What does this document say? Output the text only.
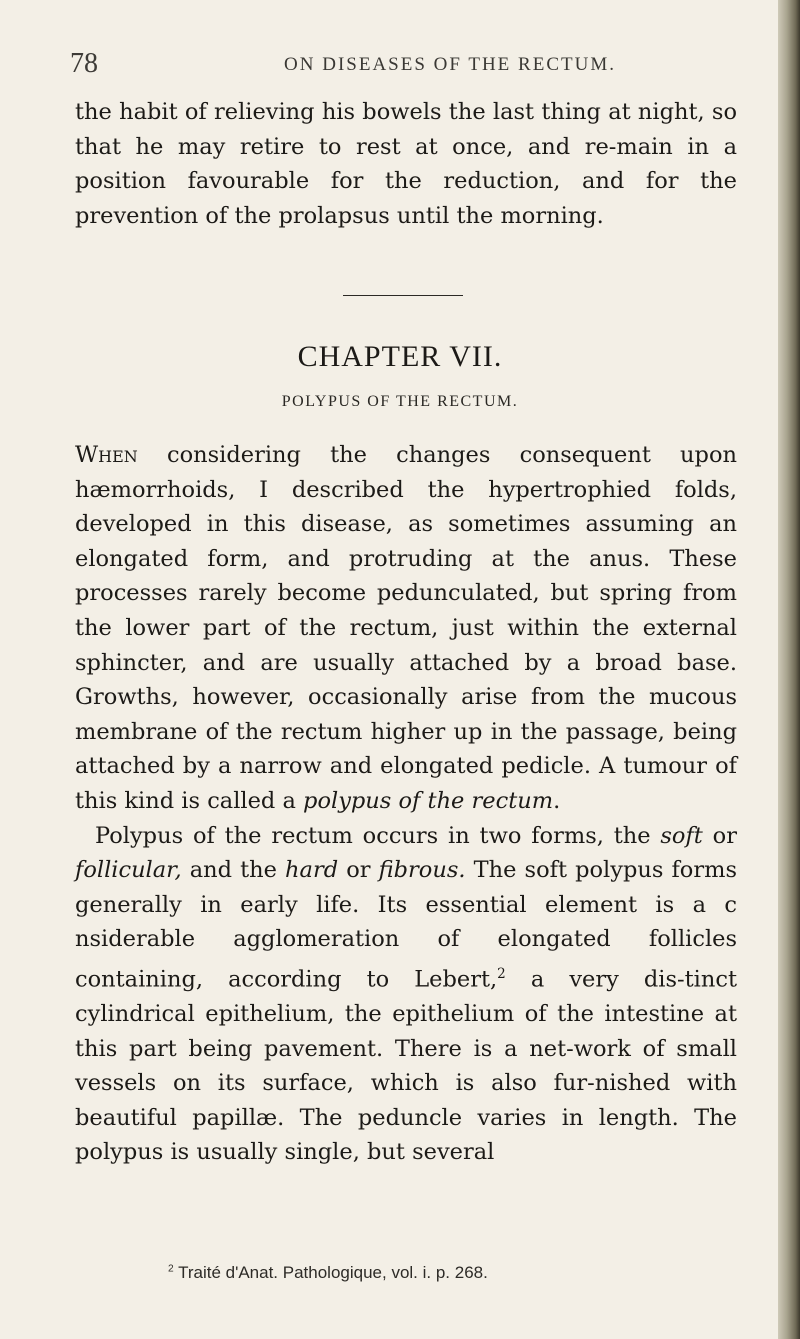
78	ON DISEASES OF THE RECTUM.

the habit of relieving his bowels the last thing at night, so that he may retire to rest at once, and re-main in a position favourable for the reduction, and for the prevention of the prolapsus until the morning.

CHAPTER VII.
POLYPUS OF THE RECTUM.

When considering the changes consequent upon hæmorrhoids, I described the hypertrophied folds, developed in this disease, as sometimes assuming an elongated form, and protruding at the anus. These processes rarely become pedunculated, but spring from the lower part of the rectum, just within the external sphincter, and are usually attached by a broad base. Growths, however, occasionally arise from the mucous membrane of the rectum higher up in the passage, being attached by a narrow and elongated pedicle. A tumour of this kind is called a polypus of the rectum.

Polypus of the rectum occurs in two forms, the soft or follicular, and the hard or fibrous. The soft polypus forms generally in early life. Its essential element is a c nsiderable agglomeration of elongated follicles containing, according to Lebert,$^2$ a very dis-tinct cylindrical epithelium, the epithelium of the intestine at this part being pavement. There is a net-work of small vessels on its surface, which is also fur-nished with beautiful papillæ. The peduncle varies in length. The polypus is usually single, but several

$^2$ Traité d'Anat. Pathologique, vol. i. p. 268.
